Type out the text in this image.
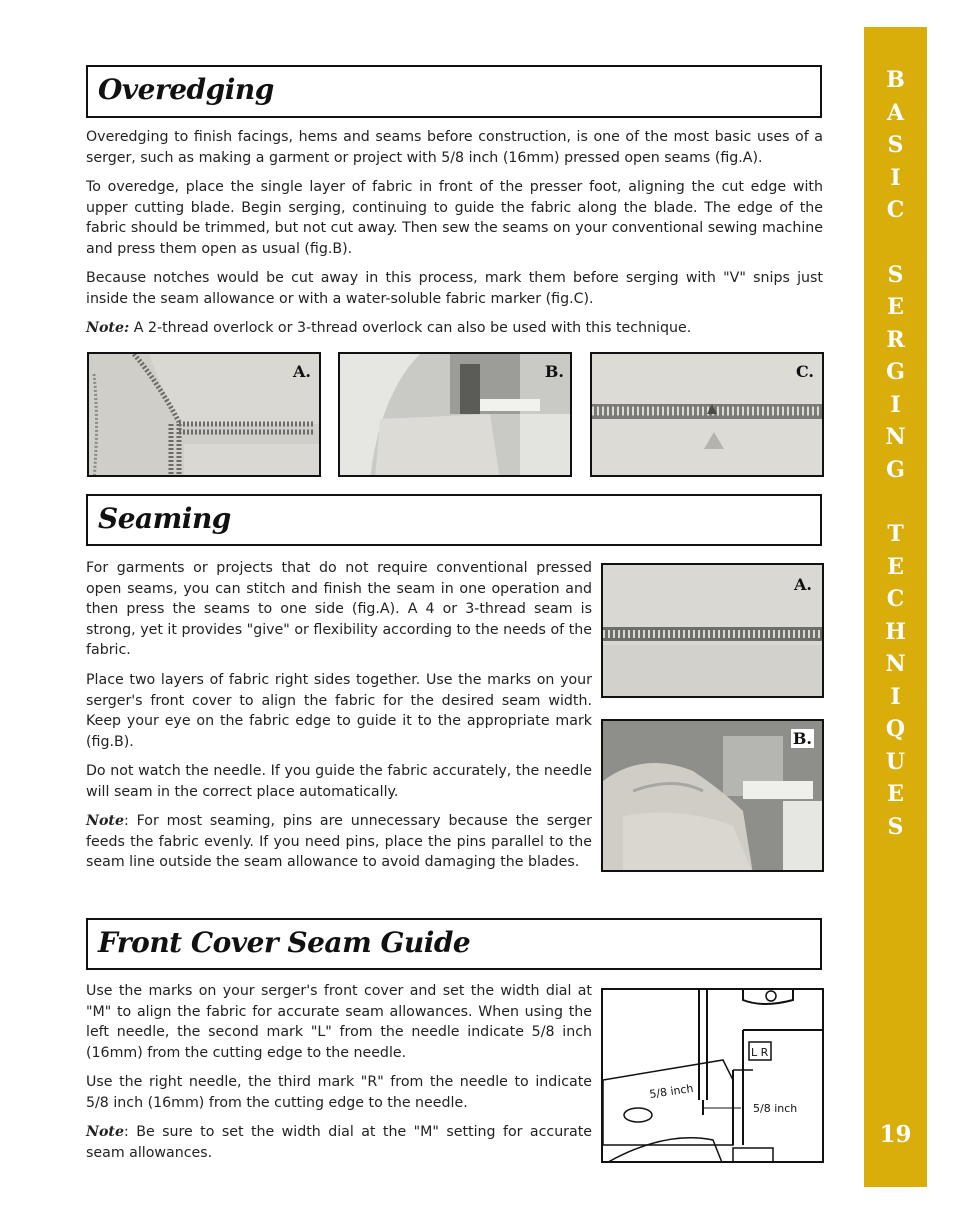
B
A
S
I
C
S
E
R
G
I
N
G
T
E
C
H
N
I
Q
U
E
S
19
Overedging

Overedging to finish facings, hems and seams before construction, is one of the most basic uses of a serger, such as making a garment or project with 5/8 inch (16mm) pressed open seams (fig.A).

To overedge, place the single layer of fabric in front of the presser foot, aligning the cut edge with upper cutting blade. Begin serging, continuing to guide the fabric along the blade. The edge of the fabric should be trimmed, but not cut away. Then sew the seams on your conventional sewing machine and press them open as usual (fig.B).

Because notches would be cut away in this process, mark them before serging with "V" snips just inside the seam allowance or with a water-soluble fabric marker (fig.C).

Note: A 2-thread overlock or 3-thread overlock can also be used with this technique.

A.	B.	C.
Seaming

For garments or projects that do not require conventional pressed open seams, you can stitch and finish the seam in one operation and then press the seams to one side (fig.A). A 4 or 3-thread seam is strong, yet it provides "give" or flexibility according to the needs of the fabric.

Place two layers of fabric right sides together. Use the marks on your serger's front cover to align the fabric for the desired seam width. Keep your eye on the fabric edge to guide it to the appropriate mark (fig.B).

Do not watch the needle. If you guide the fabric accurately, the needle will seam in the correct place automatically.

Note: For most seaming, pins are unnecessary because the serger feeds the fabric evenly. If you need pins, place the pins parallel to the seam line outside the seam allowance to avoid damaging the blades.

A.
B.
Front Cover Seam Guide

Use the marks on your serger's front cover and set the width dial at "M" to align the fabric for accurate seam allowances. When using the left needle, the second mark "L" from the needle indicate 5/8 inch (16mm) from the cutting edge to the needle.

Use the right needle, the third mark "R" from the needle to indicate 5/8 inch (16mm) from the cutting edge to the needle.

Note: Be sure to set the width dial at the "M" setting for accurate seam allowances.

L R
5/8 inch
5/8 inch
